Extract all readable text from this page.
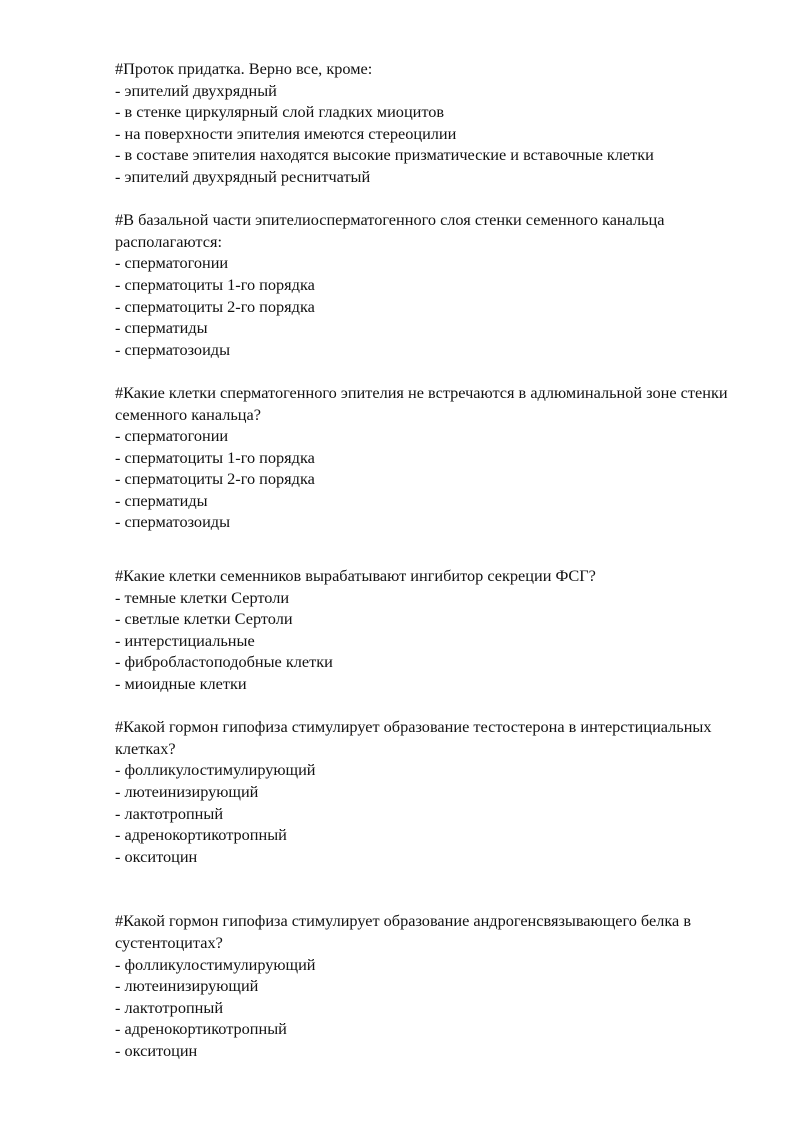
#Проток придатка. Верно все, кроме:

- эпителий двухрядный
- в стенке циркулярный слой гладких миоцитов
- на поверхности эпителия имеются стереоцилии
- в составе эпителия находятся высокие призматические и вставочные клетки
- эпителий двухрядный реснитчатый

#В базальной части эпителиосперматогенного слоя стенки семенного канальца располагаются:

- сперматогонии
- сперматоциты 1-го порядка
- сперматоциты 2-го порядка
- сперматиды
- сперматозоиды

#Какие клетки сперматогенного эпителия не встречаются в адлюминальной зоне стенки семенного канальца?

- сперматогонии
- сперматоциты 1-го порядка
- сперматоциты 2-го порядка
- сперматиды
- сперматозоиды

#Какие клетки семенников вырабатывают ингибитор секреции ФСГ?

- темные клетки Сертоли
- светлые клетки Сертоли
- интерстициальные
- фибробластоподобные клетки
- миоидные клетки

#Какой гормон гипофиза стимулирует образование тестостерона в интерстициальных клетках?

- фолликулостимулирующий
- лютеинизирующий
- лактотропный
- адренокортикотропный
- окситоцин

#Какой гормон гипофиза стимулирует образование андрогенсвязывающего белка в сустентоцитах?

- фолликулостимулирующий
- лютеинизирующий
- лактотропный
- адренокортикотропный
- окситоцин
